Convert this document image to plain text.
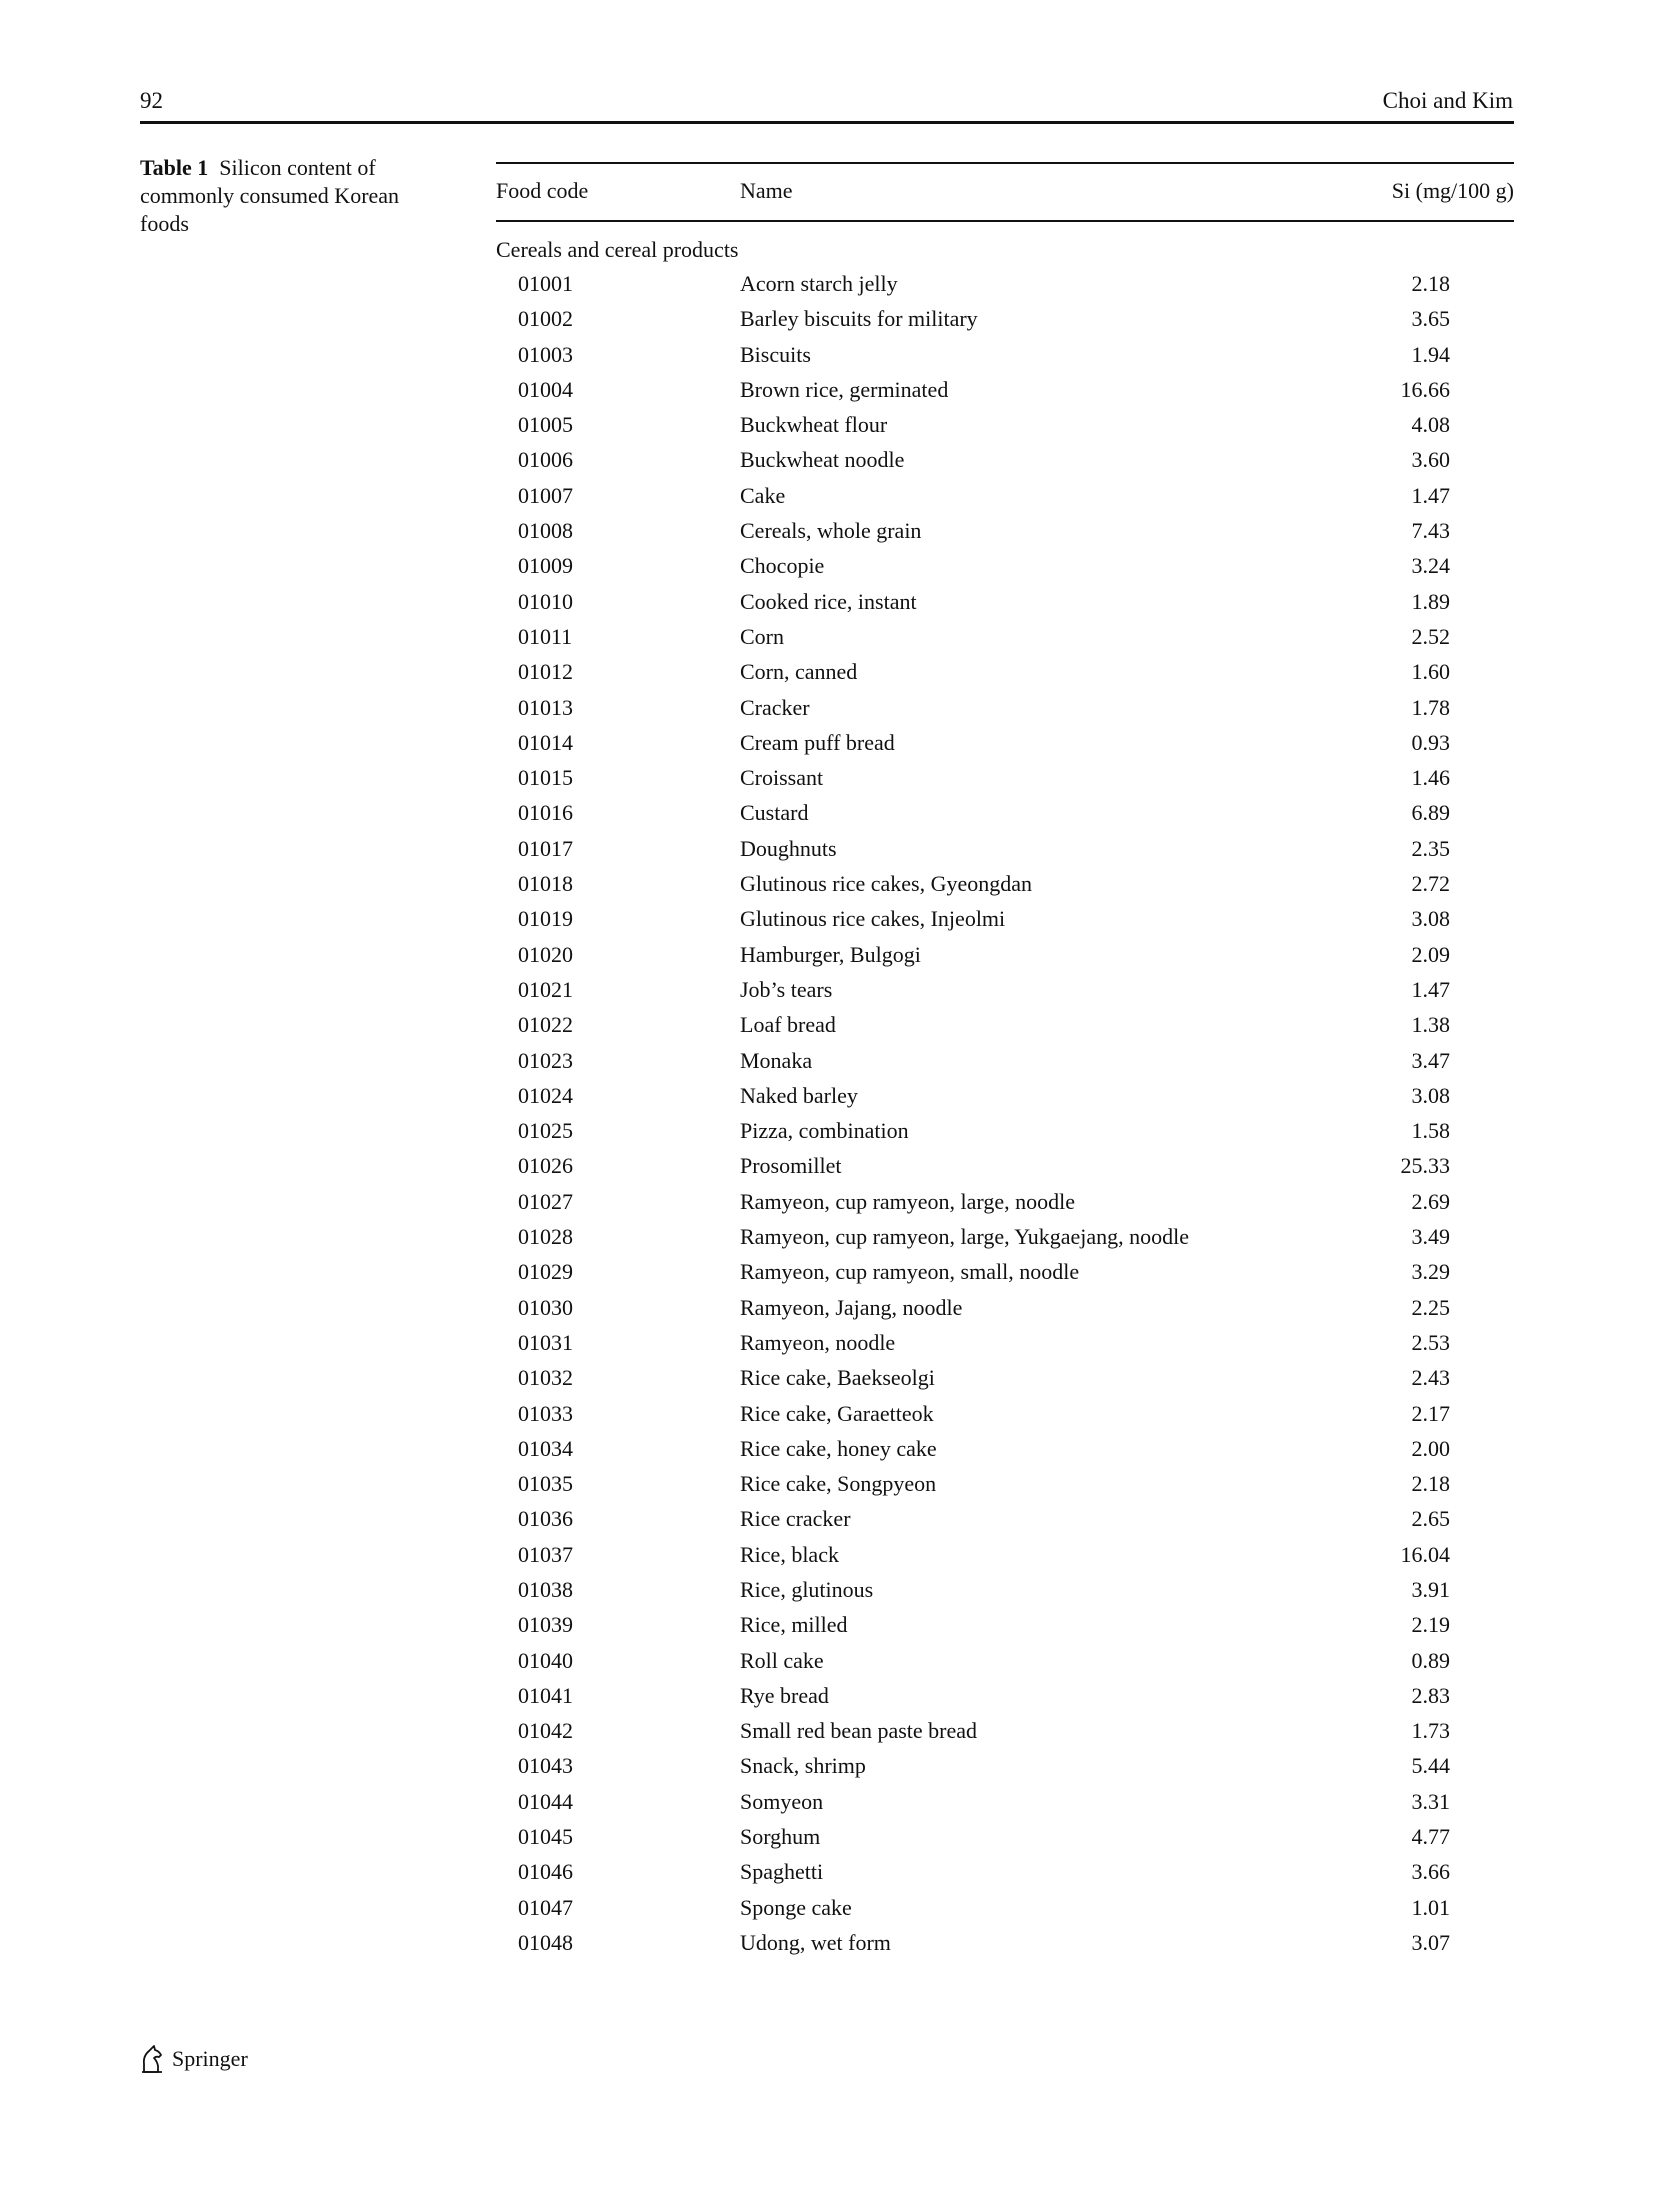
92	Choi and Kim
Table 1 Silicon content of commonly consumed Korean foods
Food code	Name	Si (mg/100 g)
Cereals and cereal products
01001	Acorn starch jelly	2.18
01002	Barley biscuits for military	3.65
01003	Biscuits	1.94
01004	Brown rice, germinated	16.66
01005	Buckwheat flour	4.08
01006	Buckwheat noodle	3.60
01007	Cake	1.47
01008	Cereals, whole grain	7.43
01009	Chocopie	3.24
01010	Cooked rice, instant	1.89
01011	Corn	2.52
01012	Corn, canned	1.60
01013	Cracker	1.78
01014	Cream puff bread	0.93
01015	Croissant	1.46
01016	Custard	6.89
01017	Doughnuts	2.35
01018	Glutinous rice cakes, Gyeongdan	2.72
01019	Glutinous rice cakes, Injeolmi	3.08
01020	Hamburger, Bulgogi	2.09
01021	Job’s tears	1.47
01022	Loaf bread	1.38
01023	Monaka	3.47
01024	Naked barley	3.08
01025	Pizza, combination	1.58
01026	Prosomillet	25.33
01027	Ramyeon, cup ramyeon, large, noodle	2.69
01028	Ramyeon, cup ramyeon, large, Yukgaejang, noodle	3.49
01029	Ramyeon, cup ramyeon, small, noodle	3.29
01030	Ramyeon, Jajang, noodle	2.25
01031	Ramyeon, noodle	2.53
01032	Rice cake, Baekseolgi	2.43
01033	Rice cake, Garaetteok	2.17
01034	Rice cake, honey cake	2.00
01035	Rice cake, Songpyeon	2.18
01036	Rice cracker	2.65
01037	Rice, black	16.04
01038	Rice, glutinous	3.91
01039	Rice, milled	2.19
01040	Roll cake	0.89
01041	Rye bread	2.83
01042	Small red bean paste bread	1.73
01043	Snack, shrimp	5.44
01044	Somyeon	3.31
01045	Sorghum	4.77
01046	Spaghetti	3.66
01047	Sponge cake	1.01
01048	Udong, wet form	3.07
Springer
